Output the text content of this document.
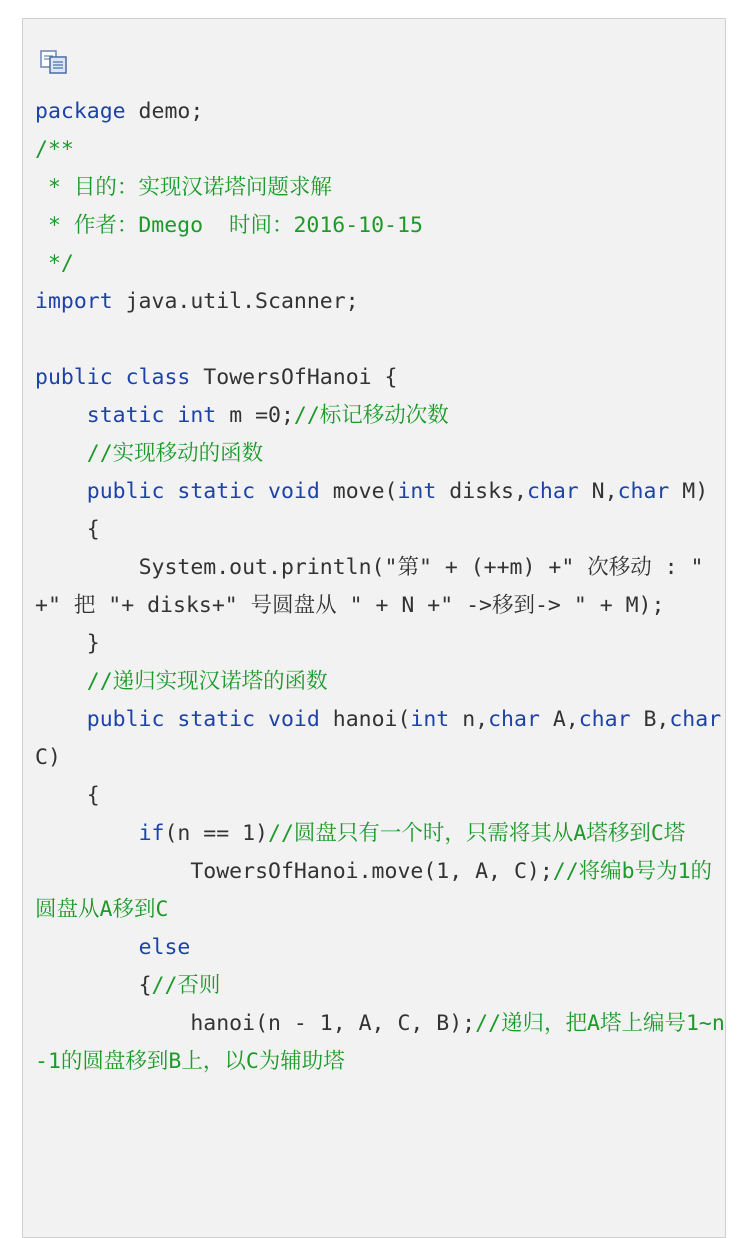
package demo;
/**
* 目的：实现汉诺塔问题求解
* 作者：Dmego  时间：2016-10-15
*/
import java.util.Scanner;

public class TowersOfHanoi {
static int m =0;//标记移动次数
//实现移动的函数
public static void move(int disks,char N,char M)
{
System.out.println("第" + (++m) +" 次移动 : " +" 把 "+ disks+" 号圆盘从 " + N +" ->移到-> " + M);
}
//递归实现汉诺塔的函数
public static void hanoi(int n,char A,char B,char C)
{
if(n == 1)//圆盘只有一个时，只需将其从A塔移到C塔
TowersOfHanoi.move(1, A, C);//将编b号为1的圆盘从A移到C
else
{//否则
hanoi(n - 1, A, C, B);//递归，把A塔上编号1~n-1的圆盘移到B上，以C为辅助塔
